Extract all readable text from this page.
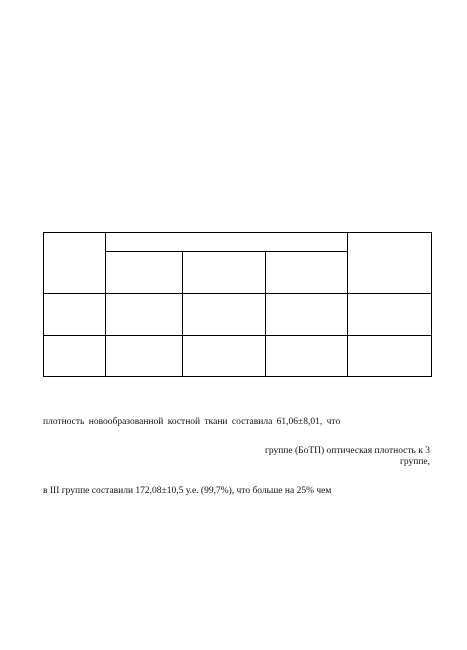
плотность новообразованной костной ткани составила 61,06±8,01, что
группе (БоТП) оптическая плотность к 3
группе,
в III группе составили 172,08±10,5 у.е. (99,7%), что больше на 25% чем
